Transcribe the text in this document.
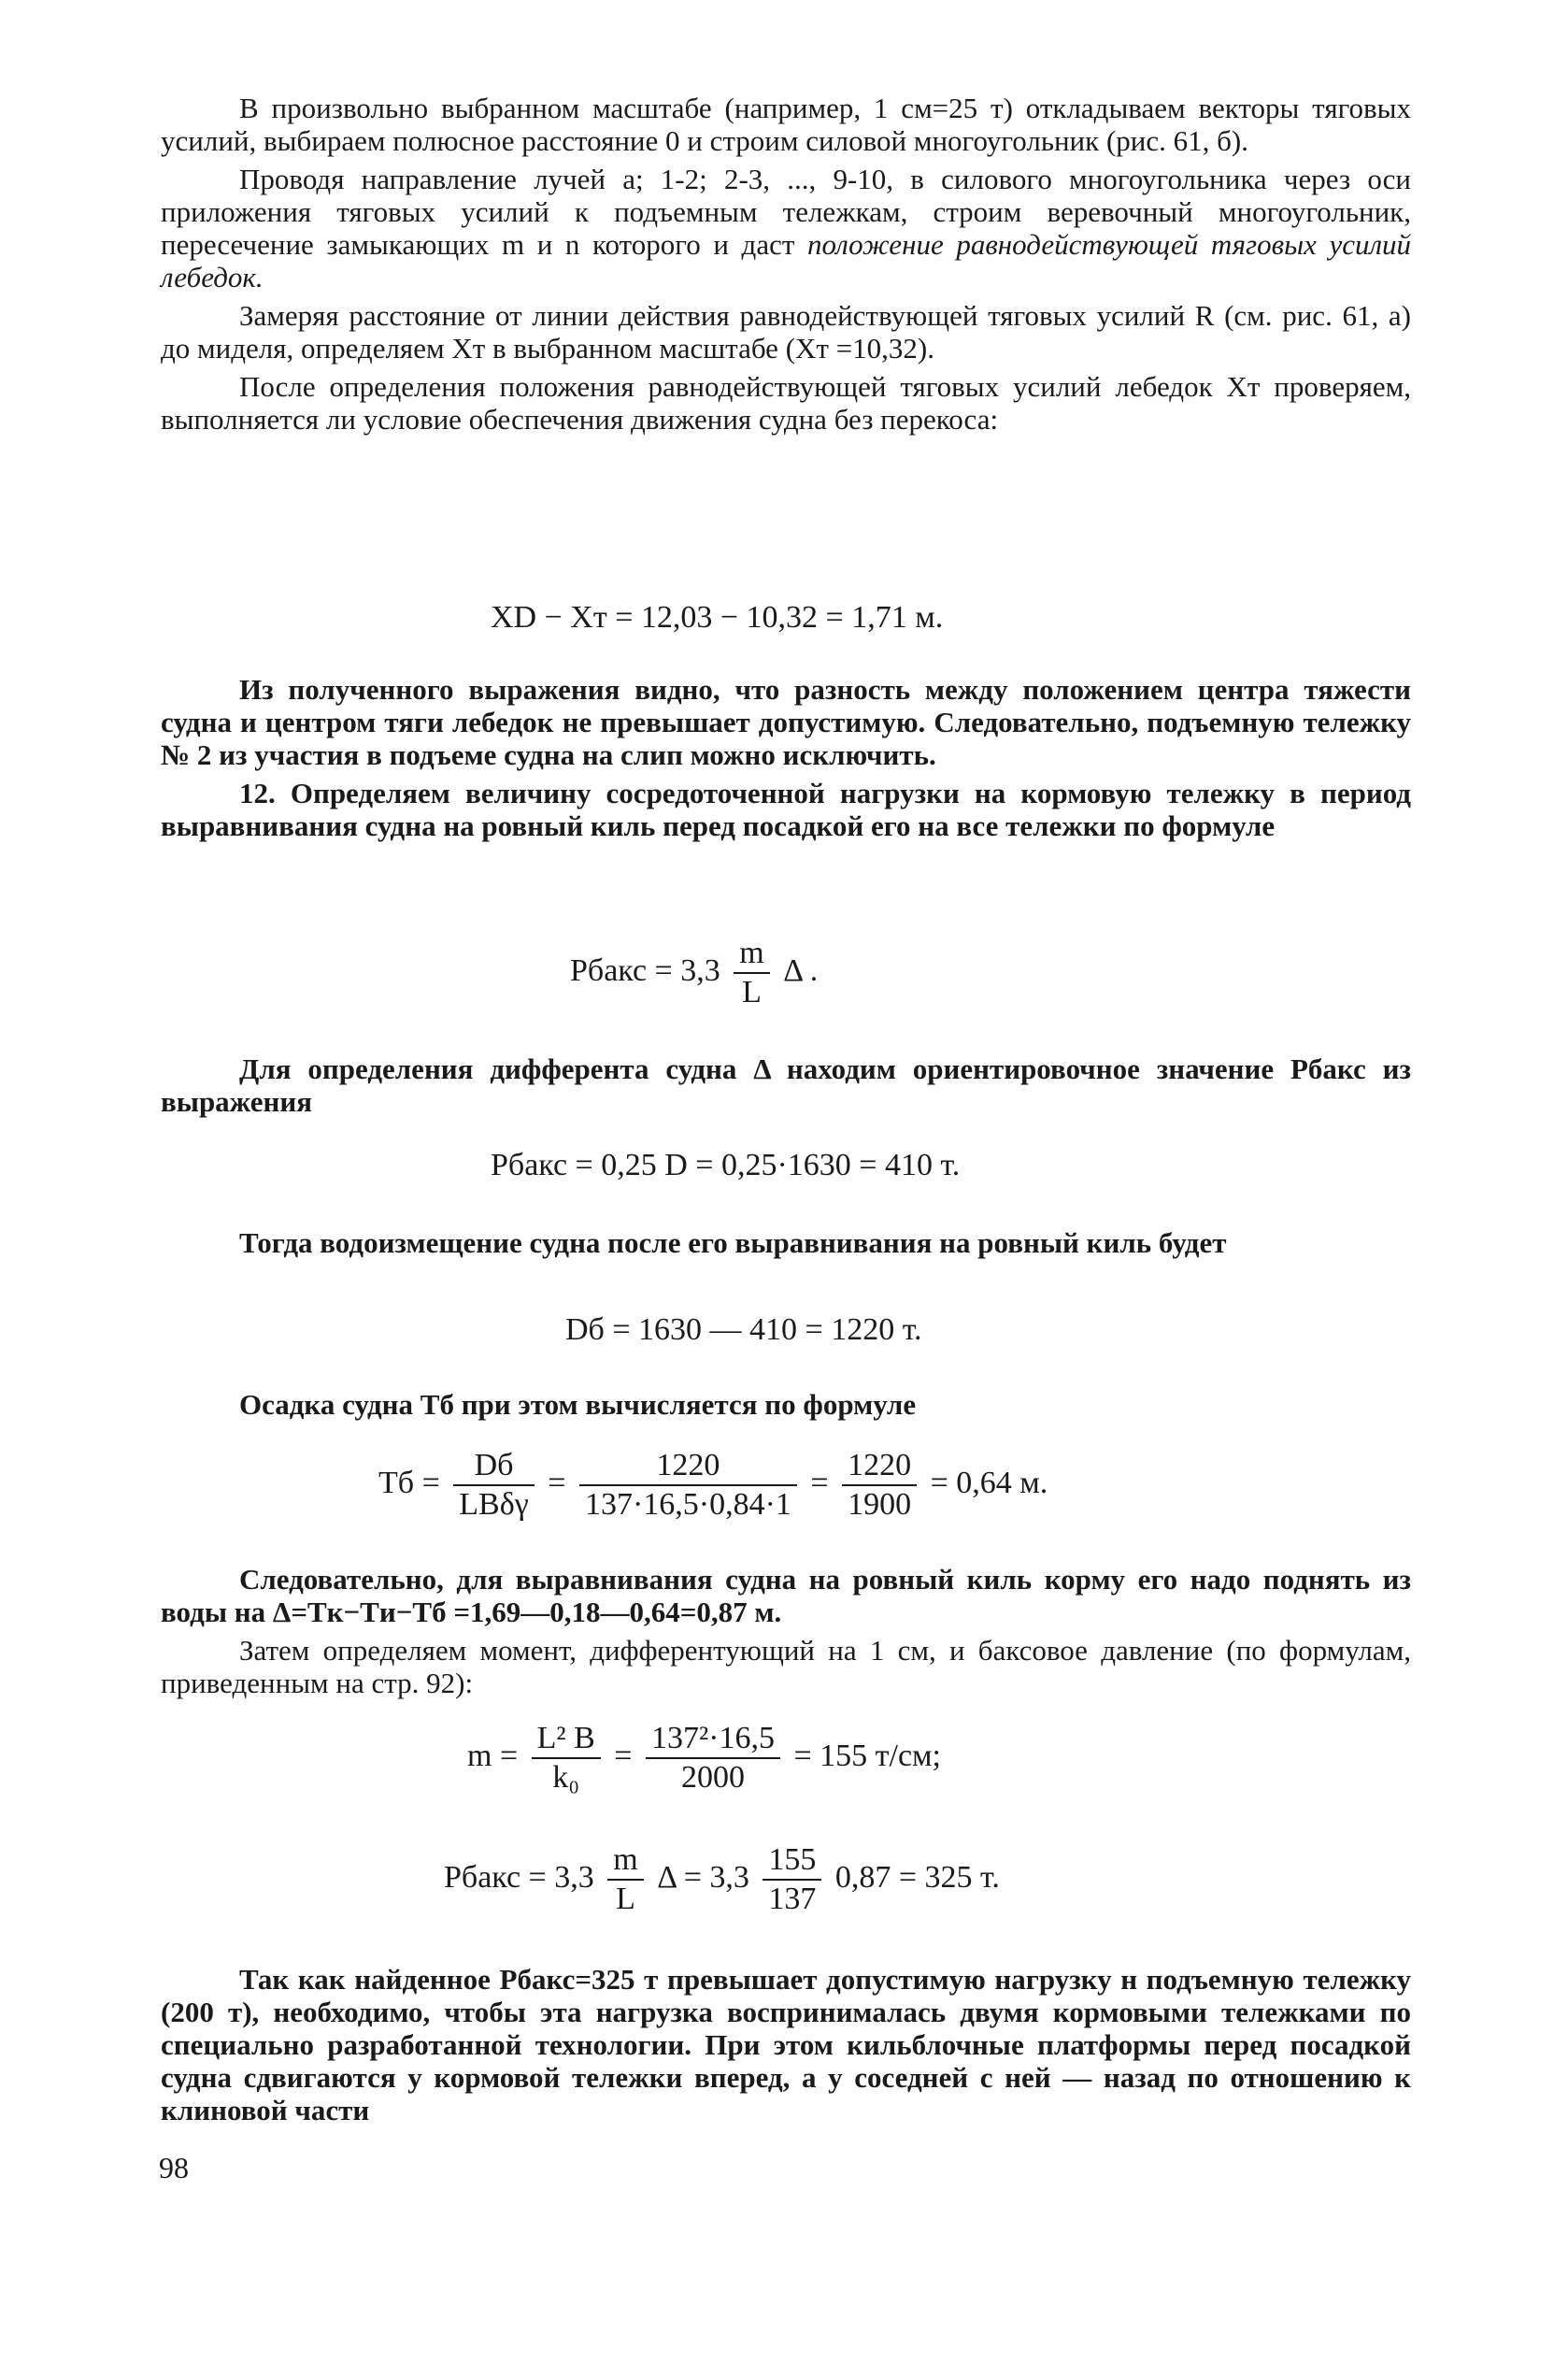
В произвольно выбранном масштабе (например, 1 см=25 т) откладываем векторы тяговых усилий, выбираем полюсное расстояние 0 и строим силовой многоугольник (рис. 61, б).

Проводя направление лучей а; 1-2; 2-3, ..., 9-10, в силового многоугольника через оси приложения тяговых усилий к подъемным тележкам, строим веревочный многоугольник, пересечение замыкающих m и n которого и даст положение равнодействующей тяговых усилий лебедок.

Замеряя расстояние от линии действия равнодействующей тяговых усилий R (см. рис. 61, а) до миделя, определяем Xт в выбранном масштабе (Xт =10,32).

После определения положения равнодействующей тяговых усилий лебедок Xт проверяем, выполняется ли условие обеспечения движения судна без перекоса:

XD − Xт = 12,03 − 10,32 = 1,71 м.

Из полученного выражения видно, что разность между положением центра тяжести судна и центром тяги лебедок не превышает допустимую. Следовательно, подъемную тележку № 2 из участия в подъеме судна на слип можно исключить.

12. Определяем величину сосредоточенной нагрузки на кормовую тележку в период выравнивания судна на ровный киль перед посадкой его на все тележки по формуле

Pбакс = $3,3 \frac{m}{L}$ Δ .

Для определения дифферента судна Δ находим ориентировочное значение Pбакс из выражения

Pбакс = 0,25 D = 0,25·1630 = 410 т.

Тогда водоизмещение судна после его выравнивания на ровный киль будет

Dб = 1630 — 410 = 1220 т.

Осадка судна Tб при этом вычисляется по формуле

Tб = $\frac{Dб}{\text{LBδγ}} = \frac{1220}{137\cdot 16,5\cdot 0,84\cdot 1} = \frac{1220}{1900} = 0,64$ м.

Следовательно, для выравнивания судна на ровный киль корму его надо поднять из воды на Δ=Tк−Tи−Tб =1,69—0,18—0,64=0,87 м.

Затем определяем момент, дифферентующий на 1 см, и баксовое давление (по формулам, приведенным на стр. 92):

$m = \frac{\text{L² B}}{\text{k₀}} = \frac{\text{137²·16,5}}{2000} = 155$ т/см;
Pбакс = $3,3 \frac{m}{L}$ $\Delta = 3,3 \frac{155}{137} 0,87 = 325$ т.

Так как найденное Pбакс=325 т превышает допустимую нагрузку н подъемную тележку (200 т), необходимо, чтобы эта нагрузка воспринималась двумя кормовыми тележками по специально разработанной технологии. При этом кильблочные платформы перед посадкой судна сдвигаются у кормовой тележки вперед, а у соседней с ней — назад по отношению к клиновой части

98
